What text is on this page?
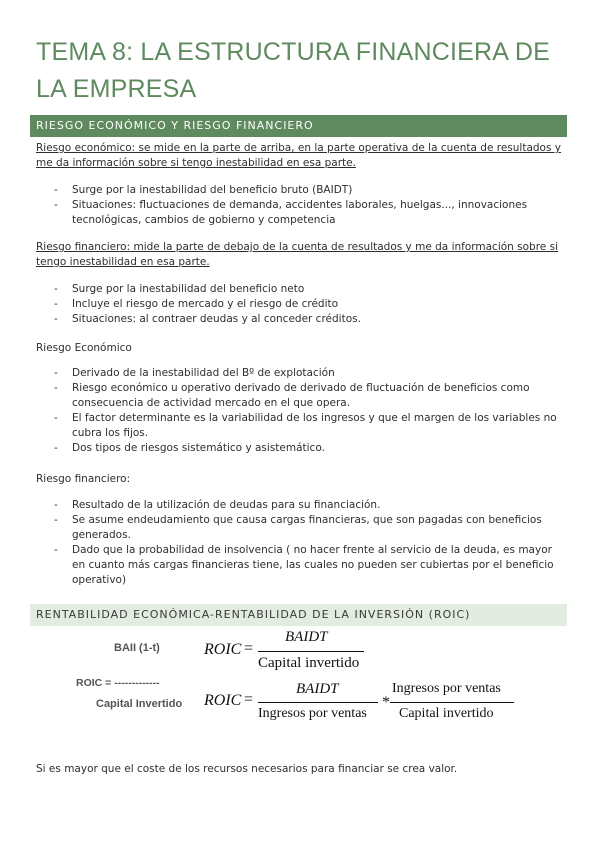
TEMA 8: LA ESTRUCTURA FINANCIERA DE LA EMPRESA
RIESGO ECONÓMICO Y RIESGO FINANCIERO
Riesgo económico: se mide en la parte de arriba, en la parte operativa de la cuenta de resultados y me da información sobre si tengo inestabilidad en esa parte.
- Surge por la inestabilidad del beneficio bruto (BAIDT)
- Situaciones: fluctuaciones de demanda, accidentes laborales, huelgas..., innovaciones tecnológicas, cambios de gobierno y competencia
Riesgo financiero: mide la parte de debajo de la cuenta de resultados y me da información sobre si tengo inestabilidad en esa parte.
- Surge por la inestabilidad del beneficio neto
- Incluye el riesgo de mercado y el riesgo de crédito
- Situaciones: al contraer deudas y al conceder créditos.
Riesgo Económico
- Derivado de la inestabilidad del Bº de explotación
- Riesgo económico u operativo derivado de derivado de fluctuación de beneficios como consecuencia de actividad mercado en el que opera.
- El factor determinante es la variabilidad de los ingresos y que el margen de los variables no cubra los fijos.
- Dos tipos de riesgos sistemático y asistemático.
Riesgo financiero:
- Resultado de la utilización de deudas para su financiación.
- Se asume endeudamiento que causa cargas financieras, que son pagadas con beneficios generados.
- Dado que la probabilidad de insolvencia ( no hacer frente al servicio de la deuda, es mayor en cuanto más cargas financieras tiene, las cuales no pueden ser cubiertas por el beneficio operativo)
RENTABILIDAD ECONÓMICA-RENTABILIDAD DE LA INVERSIÓN (ROIC)
BAII (1-t)
ROIC = -------------
Capital Invertido
ROIC =
BAIDT
Capital invertido
ROIC =
BAIDT
Ingresos por ventas
*
Ingresos por ventas
Capital invertido
Si es mayor que el coste de los recursos necesarios para financiar se crea valor.
